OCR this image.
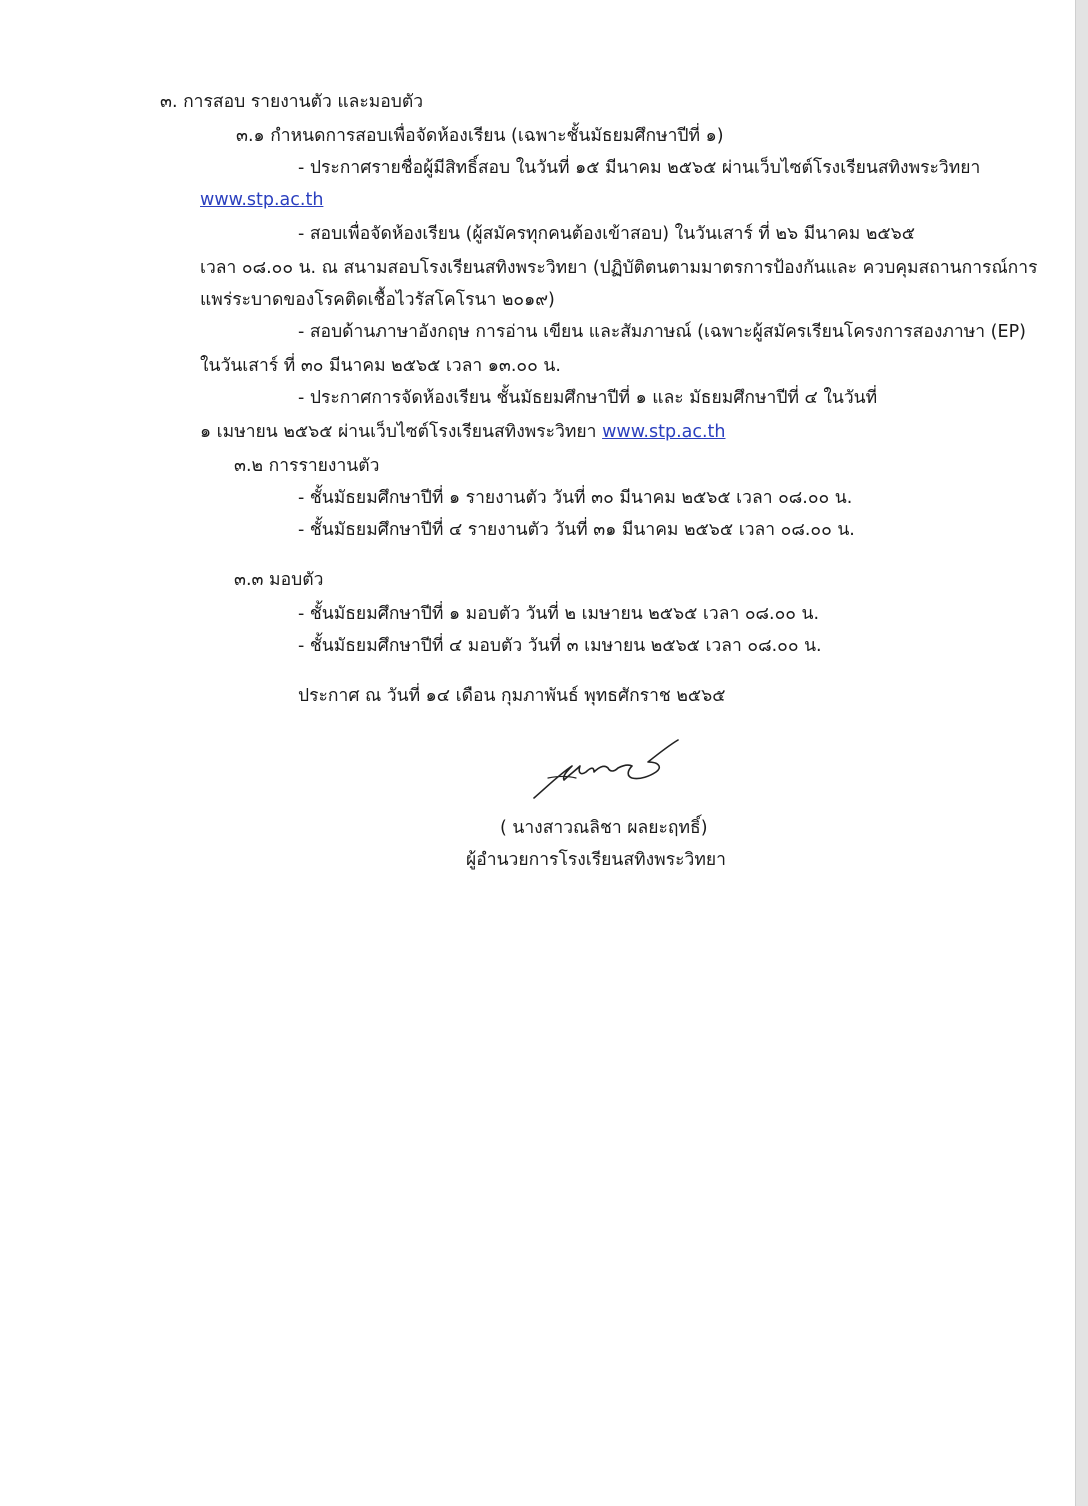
๓. การสอบ รายงานตัว และมอบตัว
๓.๑ กำหนดการสอบเพื่อจัดห้องเรียน (เฉพาะชั้นมัธยมศึกษาปีที่ ๑)
- ประกาศรายชื่อผู้มีสิทธิ์สอบ ในวันที่ ๑๕ มีนาคม ๒๕๖๕ ผ่านเว็บไซต์โรงเรียนสทิงพระวิทยา
www.stp.ac.th
- สอบเพื่อจัดห้องเรียน (ผู้สมัครทุกคนต้องเข้าสอบ) ในวันเสาร์ ที่ ๒๖ มีนาคม ๒๕๖๕
เวลา ๐๘.๐๐ น. ณ สนามสอบโรงเรียนสทิงพระวิทยา (ปฏิบัติตนตามมาตรการป้องกันและ ควบคุมสถานการณ์การ
แพร่ระบาดของโรคติดเชื้อไวรัสโคโรนา ๒๐๑๙)
- สอบด้านภาษาอังกฤษ การอ่าน เขียน และสัมภาษณ์ (เฉพาะผู้สมัครเรียนโครงการสองภาษา (EP)
ในวันเสาร์ ที่ ๓๐ มีนาคม ๒๕๖๕ เวลา ๑๓.๐๐ น.
- ประกาศการจัดห้องเรียน ชั้นมัธยมศึกษาปีที่ ๑ และ มัธยมศึกษาปีที่ ๔ ในวันที่
๑ เมษายน ๒๕๖๕ ผ่านเว็บไซต์โรงเรียนสทิงพระวิทยา www.stp.ac.th
๓.๒ การรายงานตัว
- ชั้นมัธยมศึกษาปีที่ ๑ รายงานตัว วันที่ ๓๐ มีนาคม ๒๕๖๕ เวลา ๐๘.๐๐ น.
- ชั้นมัธยมศึกษาปีที่ ๔ รายงานตัว วันที่ ๓๑ มีนาคม ๒๕๖๕ เวลา ๐๘.๐๐ น.
๓.๓ มอบตัว
- ชั้นมัธยมศึกษาปีที่ ๑ มอบตัว วันที่ ๒ เมษายน ๒๕๖๕ เวลา ๐๘.๐๐ น.
- ชั้นมัธยมศึกษาปีที่ ๔ มอบตัว วันที่ ๓ เมษายน ๒๕๖๕ เวลา ๐๘.๐๐ น.
ประกาศ ณ วันที่ ๑๔ เดือน กุมภาพันธ์ พุทธศักราช ๒๕๖๕
( นางสาวณลิชา ผลยะฤทธิ์)
ผู้อำนวยการโรงเรียนสทิงพระวิทยา
